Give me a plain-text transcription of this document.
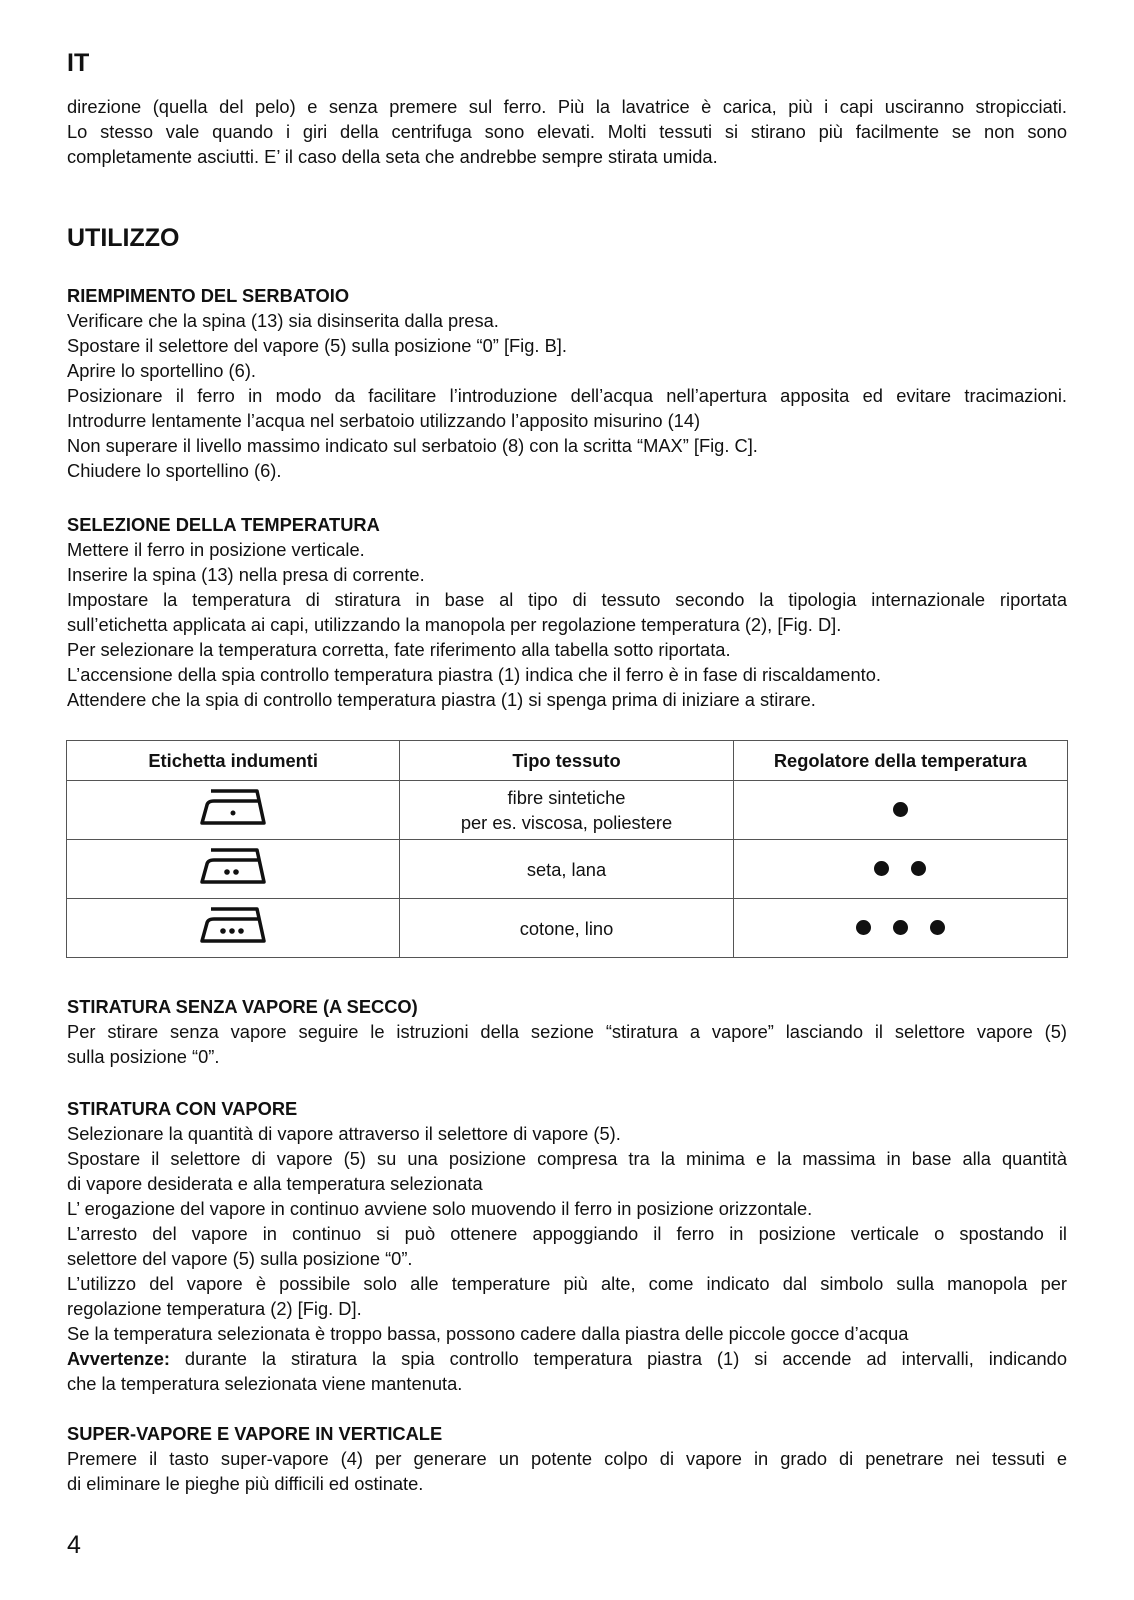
IT

direzione (quella del pelo) e senza premere sul ferro. Più la lavatrice è carica, più i capi usciranno stropicciati.

Lo stesso vale quando i giri della centrifuga sono elevati. Molti tessuti si stirano più facilmente se non sono

completamente asciutti. E’ il caso della seta che andrebbe sempre stirata umida.

UTILIZZO

RIEMPIMENTO DEL SERBATOIO

Verificare che la spina (13) sia disinserita dalla presa.

Spostare il selettore del vapore (5) sulla posizione “0” [Fig. B].

Aprire lo sportellino (6).

Posizionare il ferro in modo da facilitare l’introduzione dell’acqua nell’apertura apposita ed evitare tracimazioni.

Introdurre lentamente l’acqua nel serbatoio utilizzando l’apposito misurino (14)

Non superare il livello massimo indicato sul serbatoio (8) con la scritta “MAX” [Fig. C].

Chiudere lo sportellino (6).

SELEZIONE DELLA TEMPERATURA

Mettere il ferro in posizione verticale.

Inserire la spina (13) nella presa di corrente.

Impostare la temperatura di stiratura in base al tipo di tessuto secondo la tipologia internazionale riportata

sull’etichetta applicata ai capi, utilizzando la manopola per regolazione temperatura (2), [Fig. D].

Per selezionare la temperatura corretta, fate riferimento alla tabella sotto riportata.

L’accensione della spia controllo temperatura piastra (1) indica che il ferro è in fase di riscaldamento.

Attendere che la spia di controllo temperatura piastra (1) si spenga prima di iniziare a stirare.

Etichetta indumenti	Tipo tessuto	Regolatore della temperatura

fibre sintetiche
per es. viscosa, poliestere	

seta, lana	

cotone, lino	

STIRATURA SENZA VAPORE (A SECCO)

Per stirare senza vapore seguire le istruzioni della sezione “stiratura a vapore” lasciando il selettore vapore (5)

sulla posizione “0”.

STIRATURA CON VAPORE

Selezionare la quantità di vapore attraverso il selettore di vapore (5).

Spostare il selettore di vapore (5) su una posizione compresa tra la minima e la massima in base alla quantità

di vapore desiderata e alla temperatura selezionata

L’ erogazione del vapore in continuo avviene solo muovendo il ferro in posizione orizzontale.

L’arresto del vapore in continuo si può ottenere appoggiando il ferro in posizione verticale o spostando il

selettore del vapore (5) sulla posizione “0”.

L’utilizzo del vapore è possibile solo alle temperature più alte, come indicato dal simbolo sulla manopola per

regolazione temperatura (2) [Fig. D].

Se la temperatura selezionata è troppo bassa, possono cadere dalla piastra delle piccole gocce d’acqua

Avvertenze: durante la stiratura la spia controllo temperatura piastra (1) si accende ad intervalli, indicando

che la temperatura selezionata viene mantenuta.

SUPER-VAPORE E VAPORE IN VERTICALE

Premere il tasto super-vapore (4) per generare un potente colpo di vapore in grado di penetrare nei tessuti e

di eliminare le pieghe più difficili ed ostinate.

4
